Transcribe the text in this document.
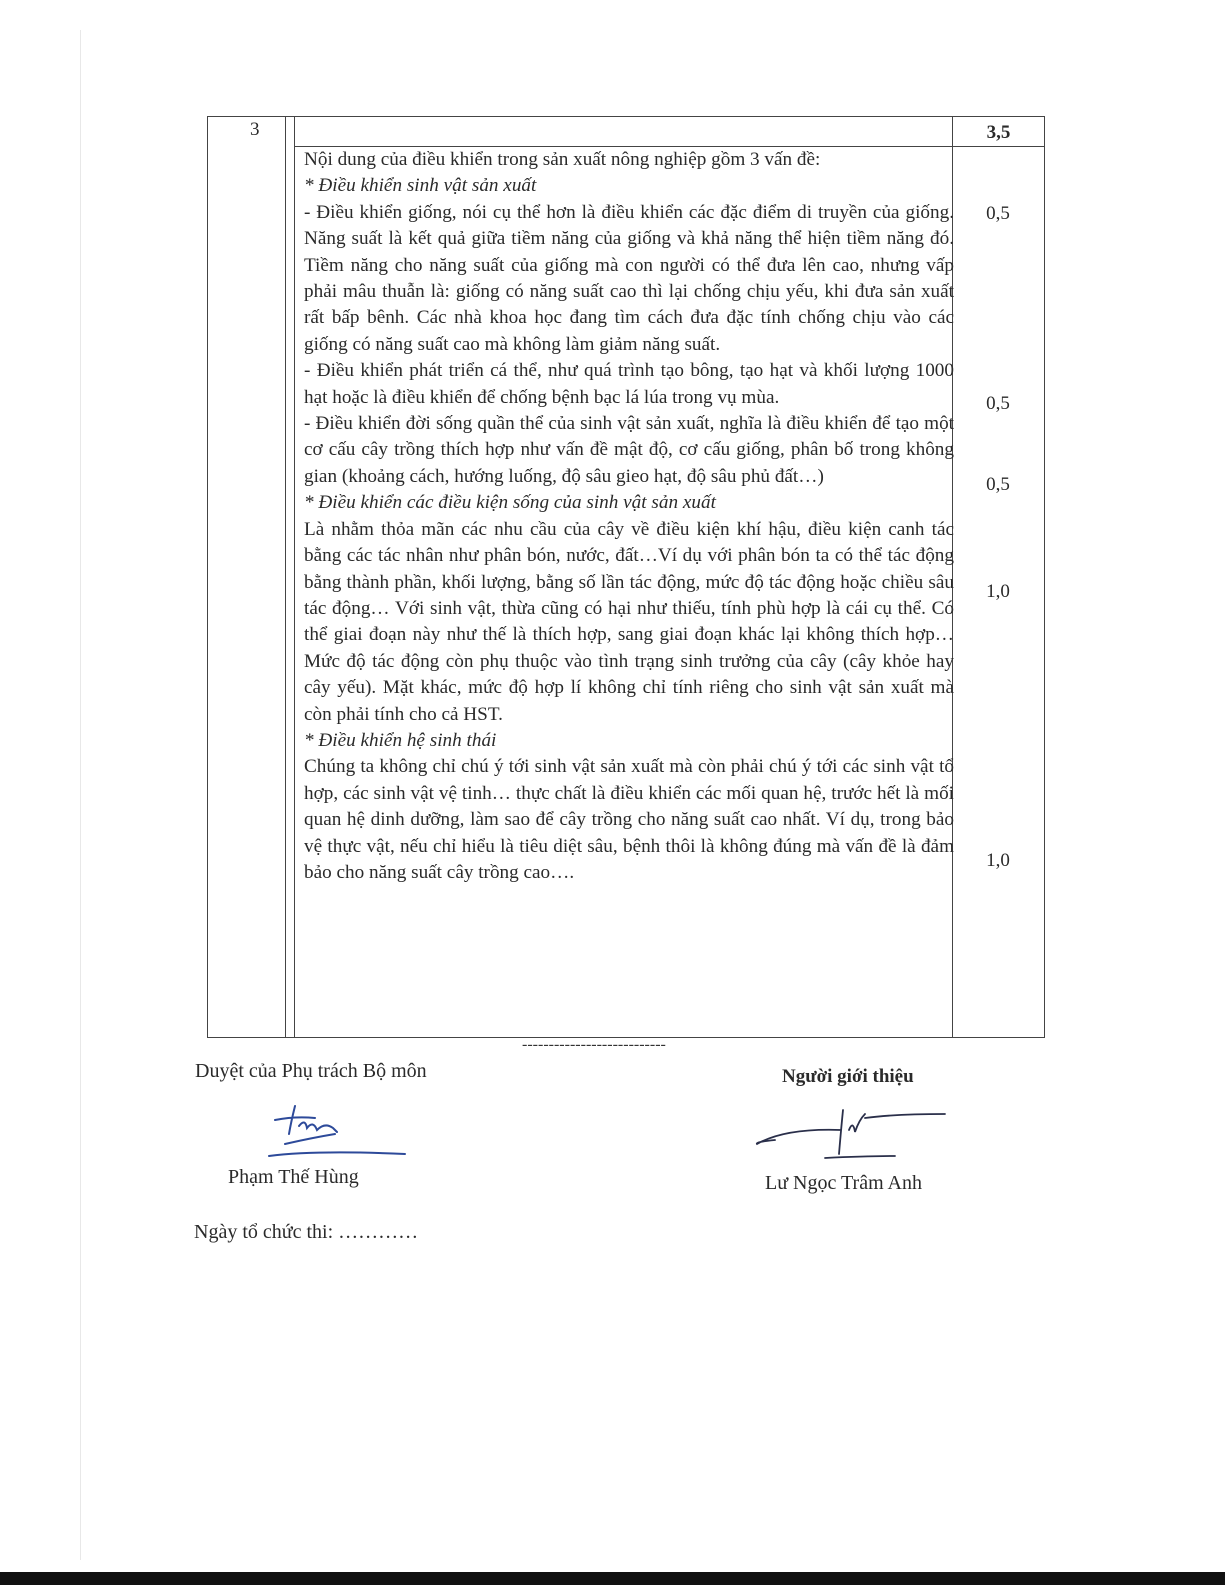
3	3,5

Nội dung của điều khiển trong sản xuất nông nghiệp gồm 3 vấn đề:

* Điều khiển sinh vật sản xuất

- Điều khiển giống, nói cụ thể hơn là điều khiển các đặc điểm di truyền của giống. Năng suất là kết quả giữa tiềm năng của giống và khả năng thể hiện tiềm năng đó. Tiềm năng cho năng suất của giống mà con người có thể đưa lên cao, nhưng vấp phải mâu thuẫn là: giống có năng suất cao thì lại chống chịu yếu, khi đưa sản xuất rất bấp bênh. Các nhà khoa học đang tìm cách đưa đặc tính chống chịu vào các giống có năng suất cao mà không làm giảm năng suất.

- Điều khiển phát triển cá thể, như quá trình tạo bông, tạo hạt và khối lượng 1000 hạt hoặc là điều khiển để chống bệnh bạc lá lúa trong vụ mùa.

- Điều khiển đời sống quần thể của sinh vật sản xuất, nghĩa là điều khiển để tạo một cơ cấu cây trồng thích hợp như vấn đề mật độ, cơ cấu giống, phân bố trong không gian (khoảng cách, hướng luống, độ sâu gieo hạt, độ sâu phủ đất…)

* Điều khiển các điều kiện sống của sinh vật sản xuất

Là nhằm thỏa mãn các nhu cầu của cây về điều kiện khí hậu, điều kiện canh tác bằng các tác nhân như phân bón, nước, đất…Ví dụ với phân bón ta có thể tác động bằng thành phần, khối lượng, bằng số lần tác động, mức độ tác động hoặc chiều sâu tác động… Với sinh vật, thừa cũng có hại như thiếu, tính phù hợp là cái cụ thể. Có thể giai đoạn này như thế là thích hợp, sang giai đoạn khác lại không thích hợp…Mức độ tác động còn phụ thuộc vào tình trạng sinh trưởng của cây (cây khỏe hay cây yếu). Mặt khác, mức độ hợp lí không chỉ tính riêng cho sinh vật sản xuất mà còn phải tính cho cả HST.

* Điều khiển hệ sinh thái

Chúng ta không chỉ chú ý tới sinh vật sản xuất mà còn phải chú ý tới các sinh vật tổ hợp, các sinh vật vệ tinh… thực chất là điều khiển các mối quan hệ, trước hết là mối quan hệ dinh dưỡng, làm sao để cây trồng cho năng suất cao nhất. Ví dụ, trong bảo vệ thực vật, nếu chỉ hiểu là tiêu diệt sâu, bệnh thôi là không đúng mà vấn đề là đảm bảo cho năng suất cây trồng cao….

0,5
0,5
0,5
1,0
1,0
---------------------------
Duyệt của Phụ trách Bộ môn
Phạm Thế Hùng
Người giới thiệu
Lư Ngọc Trâm Anh
Ngày tổ chức thi: …………
